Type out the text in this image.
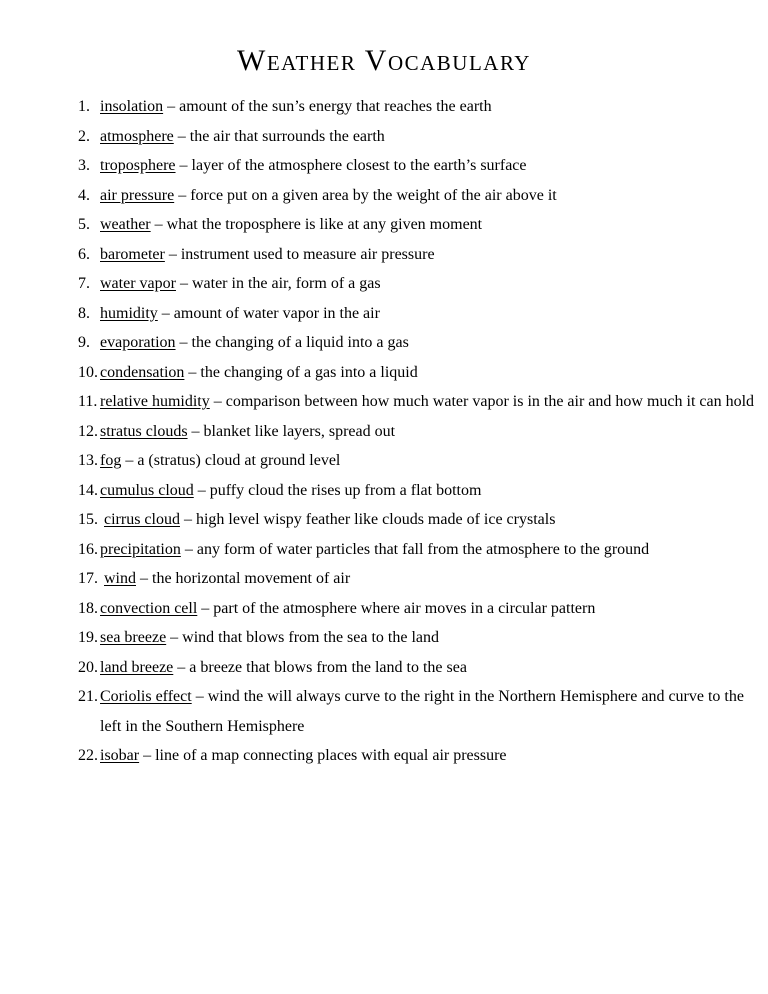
Weather Vocabulary
1. insolation – amount of the sun’s energy that reaches the earth
2. atmosphere – the air that surrounds the earth
3. troposphere – layer of the atmosphere closest to the earth’s surface
4. air pressure – force put on a given area by the weight of the air above it
5. weather – what the troposphere is like at any given moment
6. barometer – instrument used to measure air pressure
7. water vapor – water in the air, form of a gas
8. humidity – amount of water vapor in the air
9. evaporation – the changing of a liquid into a gas
10. condensation – the changing of a gas into a liquid
11. relative humidity – comparison between how much water vapor is in the air and how much it can hold
12. stratus clouds – blanket like layers, spread out
13. fog – a (stratus) cloud at ground level
14. cumulus cloud – puffy cloud the rises up from a flat bottom
15. cirrus cloud – high level wispy feather like clouds made of ice crystals
16. precipitation – any form of water particles that fall from the atmosphere to the ground
17. wind – the horizontal movement of air
18. convection cell – part of the atmosphere where air moves in a circular pattern
19. sea breeze – wind that blows from the sea to the land
20. land breeze – a breeze that blows from the land to the sea
21. Coriolis effect – wind the will always curve to the right in the Northern Hemisphere and curve to the left in the Southern Hemisphere
22. isobar – line of a map connecting places with equal air pressure
